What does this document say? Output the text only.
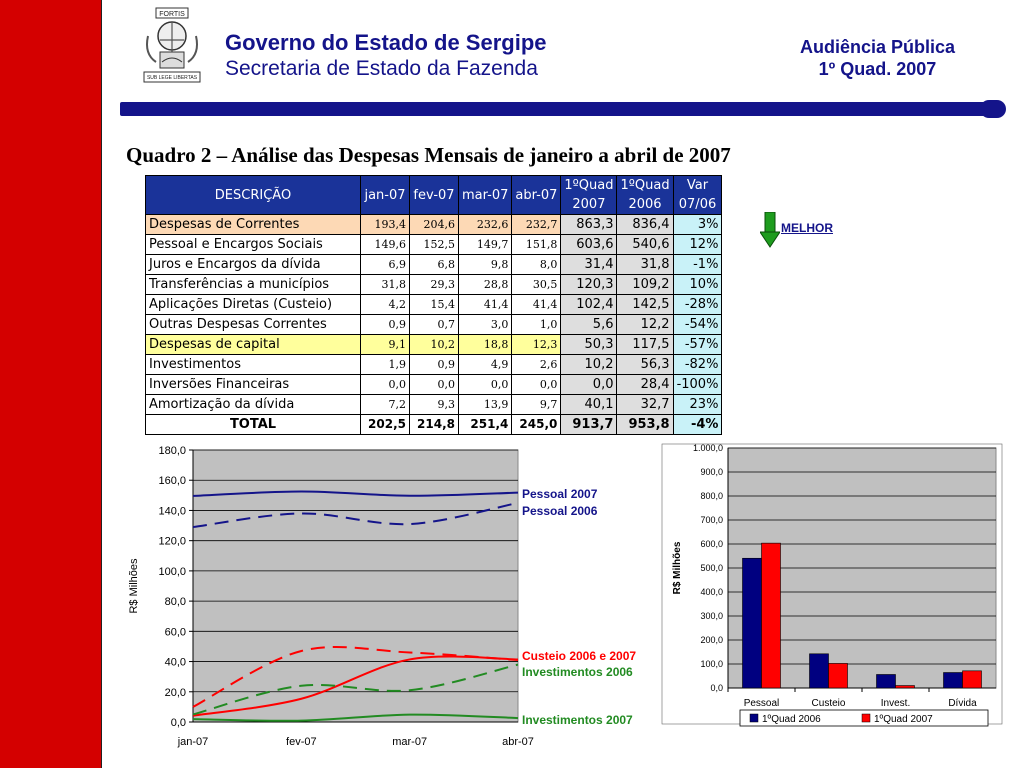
FORTIS
SUB LEGE LIBERTAS
Governo do Estado de Sergipe
Secretaria de Estado da Fazenda
Audiência Pública
1º Quad. 2007
Quadro 2 – Análise das Despesas Mensais de janeiro a abril de 2007
DESCRIÇÃO	jan-07	fev-07	mar-07	abr-07	1ºQuad 2007	1ºQuad 2006	Var 07/06

Despesas de Correntes	193,4	204,6	232,6	232,7	863,3	836,4	3%
Pessoal e Encargos Sociais	149,6	152,5	149,7	151,8	603,6	540,6	12%
Juros e Encargos da dívida	6,9	6,8	9,8	8,0	31,4	31,8	-1%
Transferências a municípios	31,8	29,3	28,8	30,5	120,3	109,2	10%
Aplicações Diretas (Custeio)	4,2	15,4	41,4	41,4	102,4	142,5	-28%
Outras Despesas Correntes	0,9	0,7	3,0	1,0	5,6	12,2	-54%
Despesas de capital	9,1	10,2	18,8	12,3	50,3	117,5	-57%
Investimentos	1,9	0,9	4,9	2,6	10,2	56,3	-82%
Inversões Financeiras	0,0	0,0	0,0	0,0	0,0	28,4	-100%
Amortização da dívida	7,2	9,3	13,9	9,7	40,1	32,7	23%
TOTAL	202,5	214,8	251,4	245,0	913,7	953,8	-4%
MELHOR
0,0
20,0
40,0
60,0
80,0
100,0
120,0
140,0
160,0
180,0
jan-07	fev-07	mar-07	abr-07
R$ Milhões
Pessoal 2007
Pessoal 2006
Custeio 2006 e 2007
Investimentos 2006
Investimentos 2007
0,0
100,0
200,0
300,0
400,0
500,0
600,0
700,0
800,0
900,0
1.000,0
R$ Milhões
Pessoal	Custeio	Invest.	Dívida
1ºQuad 2006	1ºQuad 2007
